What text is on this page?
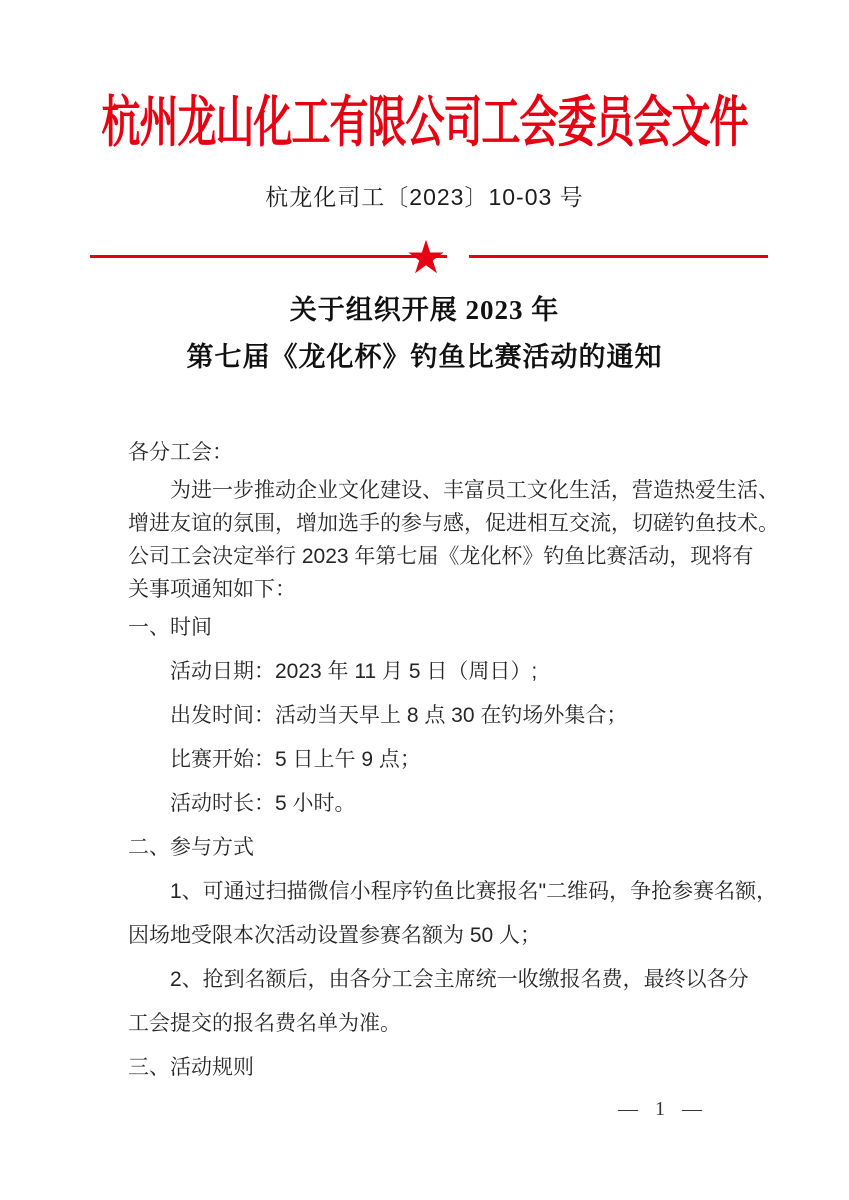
杭州龙山化工有限公司工会委员会文件
杭龙化司工〔2023〕10-03 号
★
关于组织开展 2023 年
第七届《龙化杯》钓鱼比赛活动的通知
各分工会：

为进一步推动企业文化建设、丰富员工文化生活，营造热爱生活、

增进友谊的氛围，增加选手的参与感，促进相互交流，切磋钓鱼技术。

公司工会决定举行 2023 年第七届《龙化杯》钓鱼比赛活动，现将有

关事项通知如下：

一、时间
活动日期：2023 年 11 月 5 日（周日）;
出发时间：活动当天早上 8 点 30 在钓场外集合；
比赛开始：5 日上午 9 点；
活动时长：5 小时。
二、参与方式
1、可通过扫描微信小程序钓鱼比赛报名"二维码，争抢参赛名额，
因场地受限本次活动设置参赛名额为 50 人；
2、抢到名额后，由各分工会主席统一收缴报名费，最终以各分
工会提交的报名费名单为准。
三、活动规则
— 1 —
